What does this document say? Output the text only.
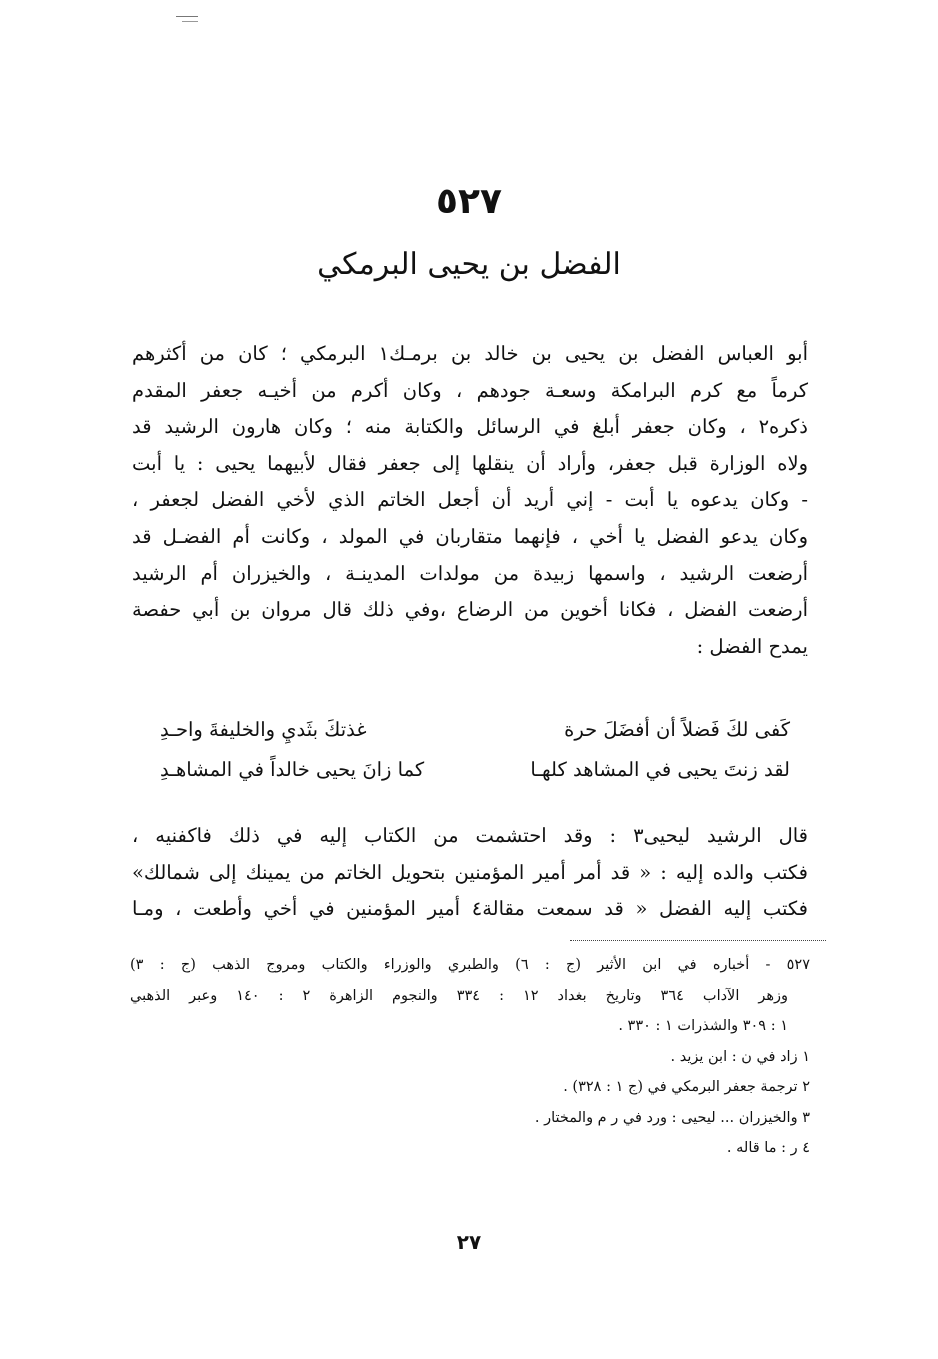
٥٢٧
الفضل بن يحيى البرمكي
أبو العباس الفضل بن يحيى بن خالد بن برمـك١ البرمكي ؛ كان من أكثرهم
كرماً مع كرم البرامكة وسعـة جودهم ، وكان أكرم من أخيـه جعفر المقدم
ذكره٢ ، وكان جعفر أبلغ في الرسائل والكتابة منه ؛ وكان هارون الرشيد قد
ولاه الوزارة قبل جعفر، وأراد أن ينقلها إلى جعفر فقال لأبيهما يحيى : يا أبت
- وكان يدعوه يا أبت - إني أريد أن أجعل الخاتم الذي لأخي الفضل لجعفر ،
وكان يدعو الفضل يا أخي ، فإنهما متقاربان في المولد ، وكانت أم الفضـل قد
أرضعت الرشيد ، واسمها زبيدة من مولدات المدينـة ، والخيزران أم الرشيد
أرضعت الفضل ، فكانا أخوين من الرضاع ،وفي ذلك قال مروان بن أبي حفصة
يمدح الفضل :
كَفى لكَ فَضلاً أن أفضَلَ حرة
غذتكَ بثَديِ والخليفةَ واحـدِ
لقد زنتَ يحيى في المشاهد كلهـا
كما زانَ يحيى خالداً في المشاهـدِ
قال الرشيد ليحيى٣ : وقد احتشمت من الكتاب إليه في ذلك فاكفنيه ،
فكتب والده إليه : « قد أمر أمير المؤمنين بتحويل الخاتم من يمينك إلى شمالك»
فكتب إليه الفضل « قد سمعت مقالة٤ أمير المؤمنين في أخي وأطعت ، ومـا
٥٢٧ - أخباره في ابن الأثير (ج : ٦) والطبري والوزراء والكتاب ومروج الذهب (ج : ٣)
وزهر الآداب ٣٦٤ وتاريخ بغداد ١٢ : ٣٣٤ والنجوم الزاهرة ٢ : ١٤٠ وعبر الذهبي
١ : ٣٠٩ والشذرات ١ : ٣٣٠ .
١ زاد في ن : ابن يزيد .
٢ ترجمة جعفر البرمكي في (ج ١ : ٣٢٨) .
٣ والخيزران ... ليحيى : ورد في ر م والمختار .
٤ ر : ما قاله .
٢٧
